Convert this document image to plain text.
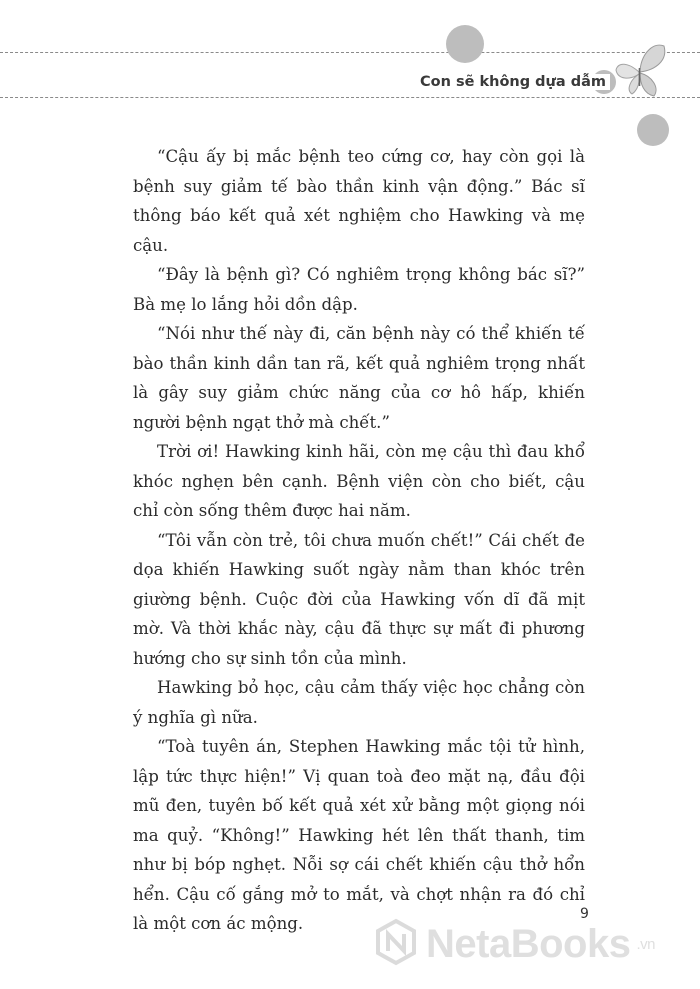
Con sẽ không dựa dẫm

“Cậu ấy bị mắc bệnh teo cứng cơ, hay còn gọi là bệnh suy giảm tế bào thần kinh vận động.” Bác sĩ thông báo kết quả xét nghiệm cho Hawking và mẹ cậu.

“Đây là bệnh gì? Có nghiêm trọng không bác sĩ?” Bà mẹ lo lắng hỏi dồn dập.

“Nói như thế này đi, căn bệnh này có thể khiến tế bào thần kinh dần tan rã, kết quả nghiêm trọng nhất là gây suy giảm chức năng của cơ hô hấp, khiến người bệnh ngạt thở mà chết.”

Trời ơi! Hawking kinh hãi, còn mẹ cậu thì đau khổ khóc nghẹn bên cạnh. Bệnh viện còn cho biết, cậu chỉ còn sống thêm được hai năm.

“Tôi vẫn còn trẻ, tôi chưa muốn chết!” Cái chết đe dọa khiến Hawking suốt ngày nằm than khóc trên giường bệnh. Cuộc đời của Hawking vốn dĩ đã mịt mờ. Và thời khắc này, cậu đã thực sự mất đi phương hướng cho sự sinh tồn của mình.

Hawking bỏ học, cậu cảm thấy việc học chẳng còn ý nghĩa gì nữa.

“Toà tuyên án, Stephen Hawking mắc tội tử hình, lập tức thực hiện!” Vị quan toà đeo mặt nạ, đầu đội mũ đen, tuyên bố kết quả xét xử bằng một giọng nói ma quỷ. “Không!” Hawking hét lên thất thanh, tim như bị bóp nghẹt. Nỗi sợ cái chết khiến cậu thở hổn hển. Cậu cố gắng mở to mắt, và chợt nhận ra đó chỉ là một cơn ác mộng.	9
NetaBooks .vn
